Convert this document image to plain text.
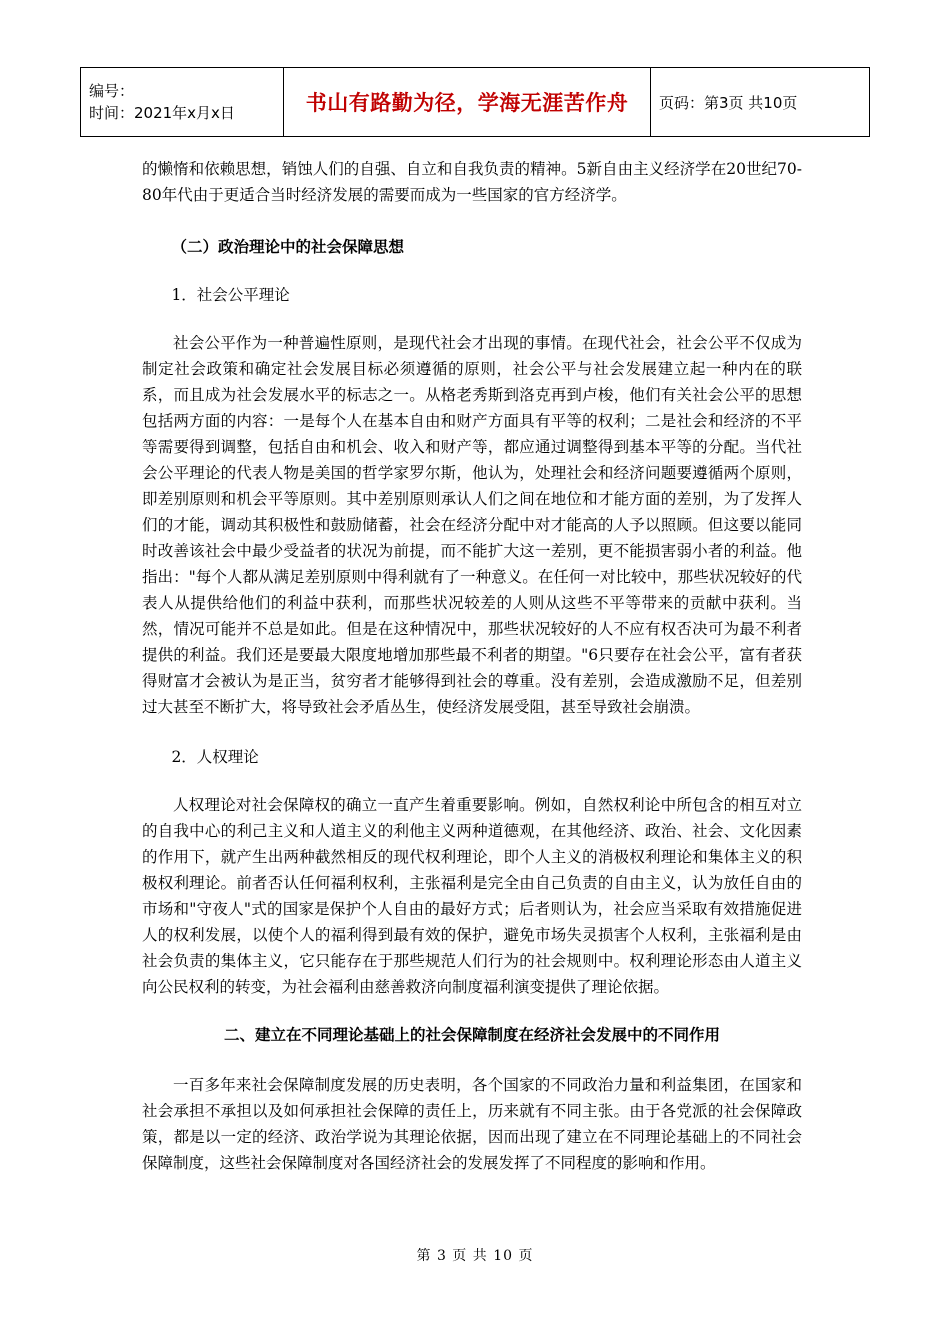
编号：
时间：2021年x月x日	书山有路勤为径，学海无涯苦作舟	页码：第3页 共10页

的懒惰和依赖思想，销蚀人们的自强、自立和自我负责的精神。5新自由主义经济学在20世纪70-80年代由于更适合当时经济发展的需要而成为一些国家的官方经济学。

（二）政治理论中的社会保障思想

1．社会公平理论

社会公平作为一种普遍性原则，是现代社会才出现的事情。在现代社会，社会公平不仅成为制定社会政策和确定社会发展目标必须遵循的原则，社会公平与社会发展建立起一种内在的联系，而且成为社会发展水平的标志之一。从格老秀斯到洛克再到卢梭，他们有关社会公平的思想包括两方面的内容：一是每个人在基本自由和财产方面具有平等的权利；二是社会和经济的不平等需要得到调整，包括自由和机会、收入和财产等，都应通过调整得到基本平等的分配。当代社会公平理论的代表人物是美国的哲学家罗尔斯，他认为，处理社会和经济问题要遵循两个原则，即差别原则和机会平等原则。其中差别原则承认人们之间在地位和才能方面的差别，为了发挥人们的才能，调动其积极性和鼓励储蓄，社会在经济分配中对才能高的人予以照顾。但这要以能同时改善该社会中最少受益者的状况为前提，而不能扩大这一差别，更不能损害弱小者的利益。他指出："每个人都从满足差别原则中得利就有了一种意义。在任何一对比较中，那些状况较好的代表人从提供给他们的利益中获利，而那些状况较差的人则从这些不平等带来的贡献中获利。当然，情况可能并不总是如此。但是在这种情况中，那些状况较好的人不应有权否决可为最不利者提供的利益。我们还是要最大限度地增加那些最不利者的期望。"6只要存在社会公平，富有者获得财富才会被认为是正当，贫穷者才能够得到社会的尊重。没有差别，会造成激励不足，但差别过大甚至不断扩大，将导致社会矛盾丛生，使经济发展受阻，甚至导致社会崩溃。

2．人权理论

人权理论对社会保障权的确立一直产生着重要影响。例如，自然权利论中所包含的相互对立的自我中心的利己主义和人道主义的利他主义两种道德观，在其他经济、政治、社会、文化因素的作用下，就产生出两种截然相反的现代权利理论，即个人主义的消极权利理论和集体主义的积极权利理论。前者否认任何福利权利，主张福利是完全由自己负责的自由主义，认为放任自由的市场和"守夜人"式的国家是保护个人自由的最好方式；后者则认为，社会应当采取有效措施促进人的权利发展，以使个人的福利得到最有效的保护，避免市场失灵损害个人权利，主张福利是由社会负责的集体主义，它只能存在于那些规范人们行为的社会规则中。权利理论形态由人道主义向公民权利的转变，为社会福利由慈善救济向制度福利演变提供了理论依据。

二、建立在不同理论基础上的社会保障制度在经济社会发展中的不同作用

一百多年来社会保障制度发展的历史表明，各个国家的不同政治力量和利益集团，在国家和社会承担不承担以及如何承担社会保障的责任上，历来就有不同主张。由于各党派的社会保障政策，都是以一定的经济、政治学说为其理论依据，因而出现了建立在不同理论基础上的不同社会保障制度，这些社会保障制度对各国经济社会的发展发挥了不同程度的影响和作用。

第 3 页 共 10 页
